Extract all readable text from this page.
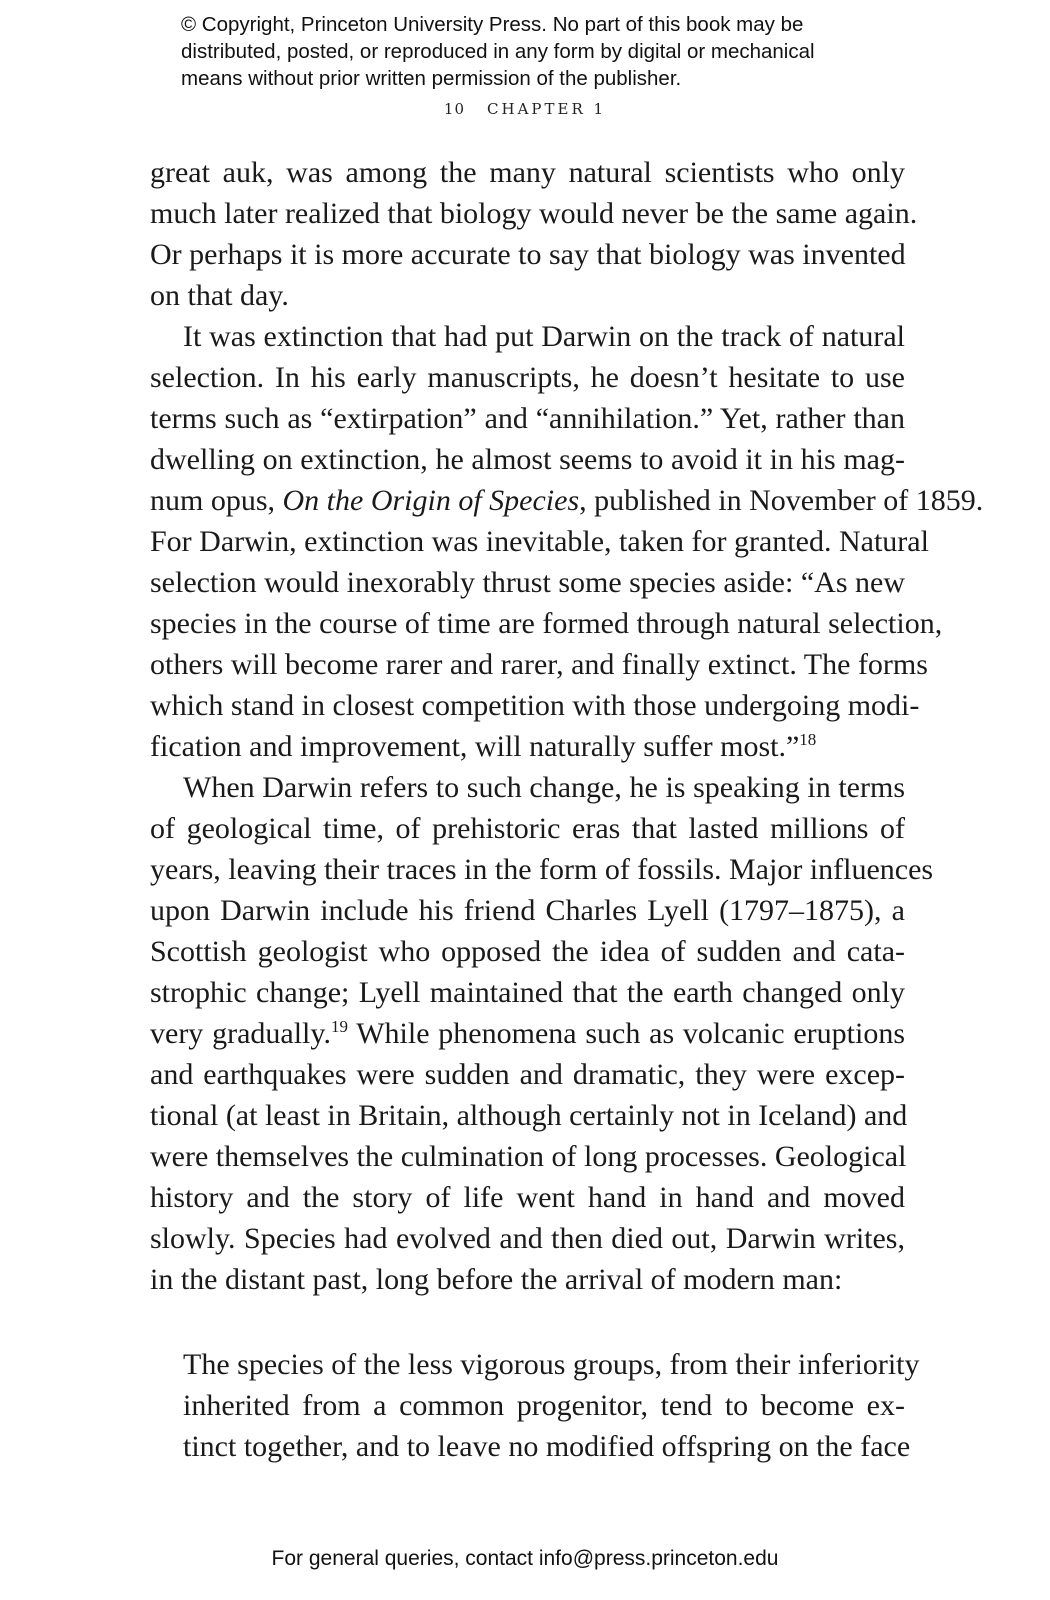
© Copyright, Princeton University Press. No part of this book may be
distributed, posted, or reproduced in any form by digital or mechanical
means without prior written permission of the publisher.
10 CHAPTER 1
great auk, was among the many natural scientists who only
much later realized that biology would never be the same again.
Or perhaps it is more accurate to say that biology was invented
on that day.
It was extinction that had put Darwin on the track of natural
selection. In his early manuscripts, he doesn’t hesitate to use
terms such as “extirpation” and “annihilation.” Yet, rather than
dwelling on extinction, he almost seems to avoid it in his mag-
num opus, On the Origin of Species, published in November of 1859.
For Darwin, extinction was inevitable, taken for granted. Natural
selection would inexorably thrust some species aside: “As new
species in the course of time are formed through natural selection,
others will become rarer and rarer, and finally extinct. The forms
which stand in closest competition with those undergoing modi-
fication and improvement, will naturally suffer most.”$^{18}$
When Darwin refers to such change, he is speaking in terms
of geological time, of prehistoric eras that lasted millions of
years, leaving their traces in the form of fossils. Major influences
upon Darwin include his friend Charles Lyell (1797–1875), a
Scottish geologist who opposed the idea of sudden and cata-
strophic change; Lyell maintained that the earth changed only
very gradually.$^{19}$ While phenomena such as volcanic eruptions
and earthquakes were sudden and dramatic, they were excep-
tional (at least in Britain, although certainly not in Iceland) and
were themselves the culmination of long processes. Geological
history and the story of life went hand in hand and moved
slowly. Species had evolved and then died out, Darwin writes,
in the distant past, long before the arrival of modern man:
The species of the less vigorous groups, from their inferiority
inherited from a common progenitor, tend to become ex-
tinct together, and to leave no modified offspring on the face
For general queries, contact info@press.princeton.edu
